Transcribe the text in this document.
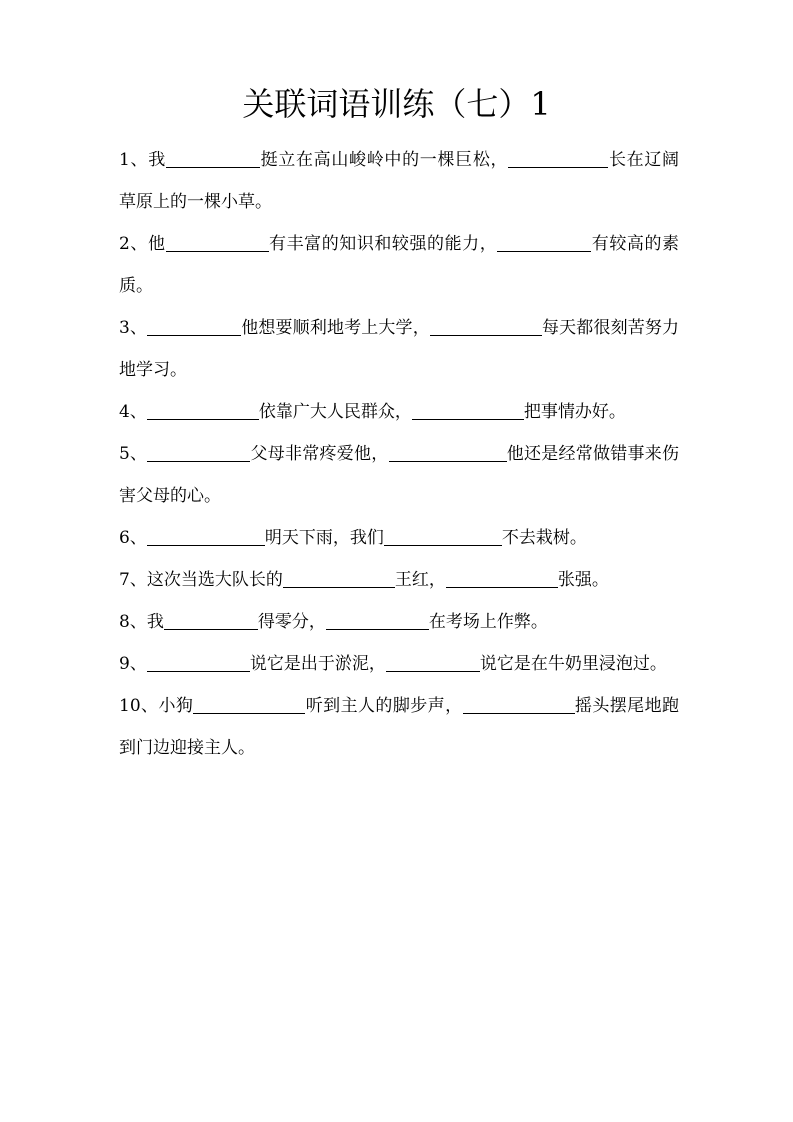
关联词语训练（七）1
1、我	挺立在高山峻岭中的一棵巨松，	长在辽阔草原上的一棵小草。
2、他	有丰富的知识和较强的能力，	有较高的素质。
3、	他想要顺利地考上大学，	每天都很刻苦努力地学习。
4、	依靠广大人民群众，	把事情办好。
5、	父母非常疼爱他，	他还是经常做错事来伤害父母的心。
6、	明天下雨，我们	不去栽树。
7、这次当选大队长的	王红，	张强。
8、我	得零分，	在考场上作弊。
9、	说它是出于淤泥，	说它是在牛奶里浸泡过。
10、小狗	听到主人的脚步声，	摇头摆尾地跑到门边迎接主人。
